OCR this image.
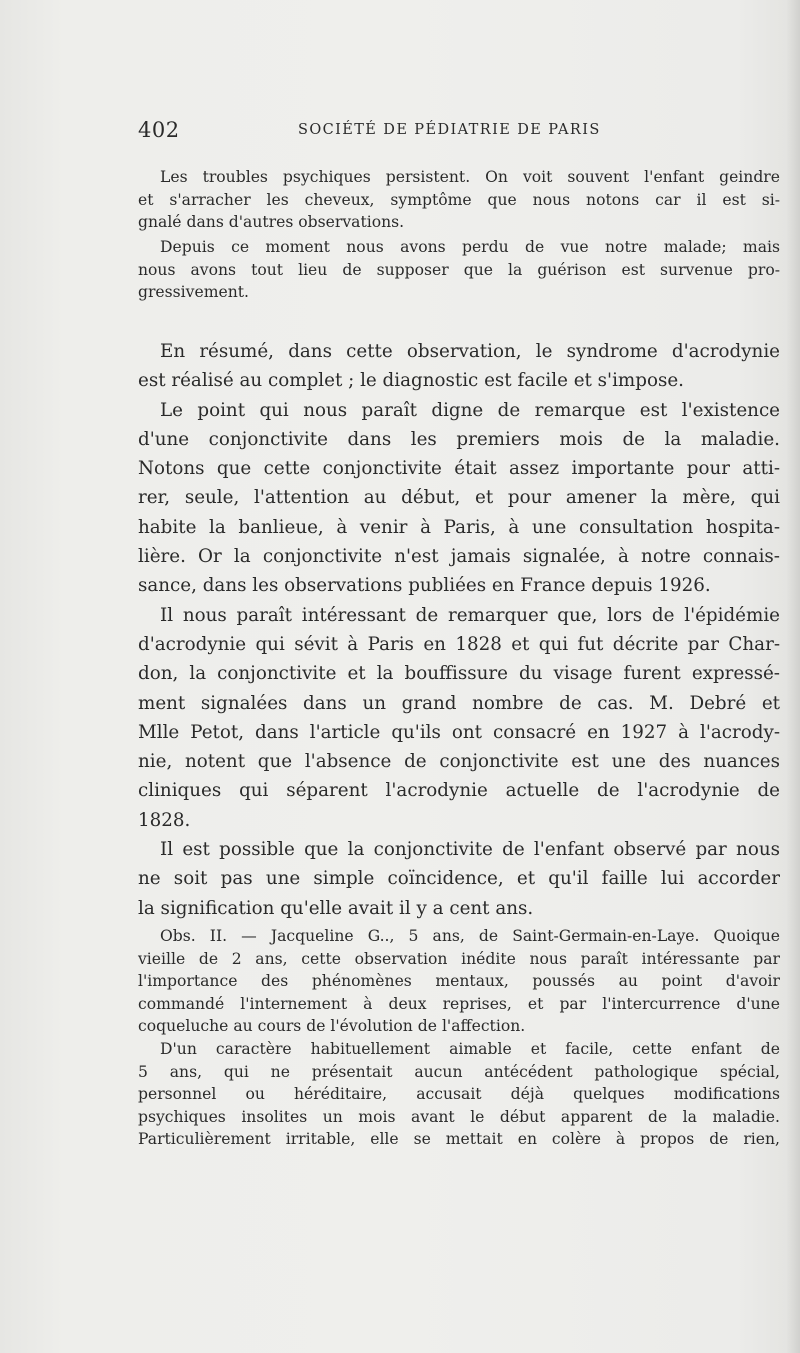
402	SOCIÉTÉ DE PÉDIATRIE DE PARIS
Les troubles psychiques persistent. On voit souvent l'enfant geindre
et s'arracher les cheveux, symptôme que nous notons car il est si-
gnalé dans d'autres observations.
Depuis ce moment nous avons perdu de vue notre malade; mais
nous avons tout lieu de supposer que la guérison est survenue pro-
gressivement.
En résumé, dans cette observation, le syndrome d'acrodynie
est réalisé au complet ; le diagnostic est facile et s'impose.
Le point qui nous paraît digne de remarque est l'existence
d'une conjonctivite dans les premiers mois de la maladie.
Notons que cette conjonctivite était assez importante pour atti-
rer, seule, l'attention au début, et pour amener la mère, qui
habite la banlieue, à venir à Paris, à une consultation hospita-
lière. Or la conjonctivite n'est jamais signalée, à notre connais-
sance, dans les observations publiées en France depuis 1926.
Il nous paraît intéressant de remarquer que, lors de l'épidémie
d'acrodynie qui sévit à Paris en 1828 et qui fut décrite par Char-
don, la conjonctivite et la bouffissure du visage furent expressé-
ment signalées dans un grand nombre de cas. M. Debré et
Mlle Petot, dans l'article qu'ils ont consacré en 1927 à l'acrody-
nie, notent que l'absence de conjonctivite est une des nuances
cliniques qui séparent l'acrodynie actuelle de l'acrodynie de
1828.
Il est possible que la conjonctivite de l'enfant observé par nous
ne soit pas une simple coïncidence, et qu'il faille lui accorder
la signification qu'elle avait il y a cent ans.
Obs. II. — Jacqueline G.., 5 ans, de Saint-Germain-en-Laye. Quoique
vieille de 2 ans, cette observation inédite nous paraît intéressante par
l'importance des phénomènes mentaux, poussés au point d'avoir
commandé l'internement à deux reprises, et par l'intercurrence d'une
coqueluche au cours de l'évolution de l'affection.
D'un caractère habituellement aimable et facile, cette enfant de
5 ans, qui ne présentait aucun antécédent pathologique spécial,
personnel ou héréditaire, accusait déjà quelques modifications
psychiques insolites un mois avant le début apparent de la maladie.
Particulièrement irritable, elle se mettait en colère à propos de rien,
